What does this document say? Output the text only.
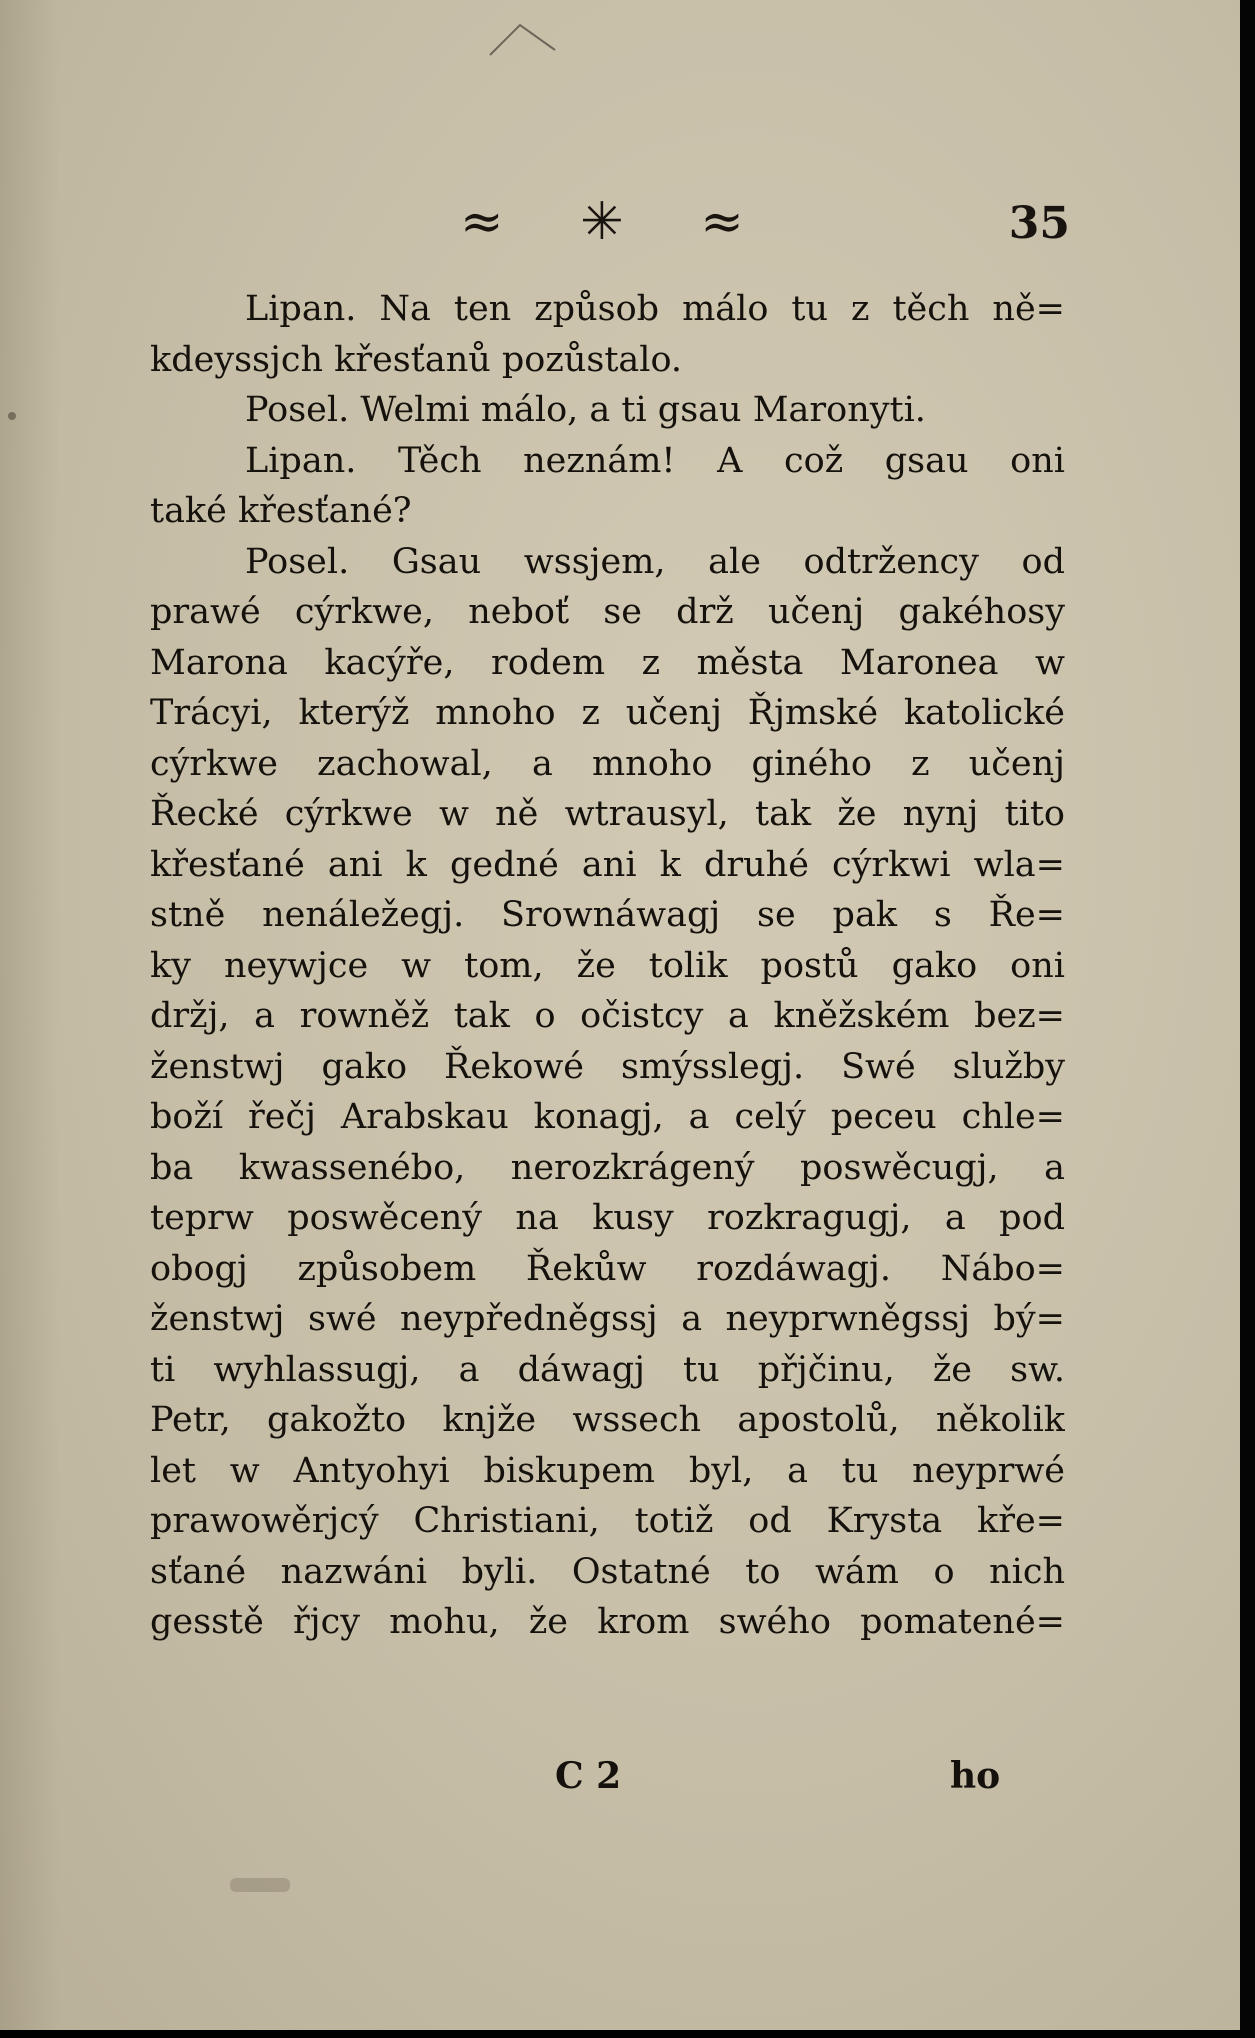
≈ ✳ ≈	35
Lipan. Na ten způsob málo tu z těch ně=
kdeyssjch křesťanů pozůstalo.
Posel. Welmi málo, a ti gsau Maronyti.
Lipan. Těch neznám! A což gsau oni
také křesťané?
Posel. Gsau wssjem, ale odtržency od
prawé cýrkwe, neboť se drž učenj gakéhosy
Marona kacýře, rodem z města Maronea w
Trácyi, kterýž mnoho z učenj Řjmské katolické
cýrkwe zachowal, a mnoho giného z učenj
Řecké cýrkwe w ně wtrausyl, tak že nynj tito
křesťané ani k gedné ani k druhé cýrkwi wla=
stně nenáležegj. Srownáwagj se pak s Ře=
ky neywjce w tom, že tolik postů gako oni
držj, a rowněž tak o očistcy a kněžském bez=
ženstwj gako Řekowé smýsslegj. Swé služby
boží řečj Arabskau konagj, a celý peceu chle=
ba kwassenébo, nerozkrágený poswěcugj, a
teprw poswěcený na kusy rozkragugj, a pod
obogj způsobem Řekůw rozdáwagj. Nábo=
ženstwj swé neypředněgssj a neyprwněgssj bý=
ti wyhlassugj, a dáwagj tu přjčinu, že sw.
Petr, gakožto knjže wssech apostolů, několik
let w Antyohyi biskupem byl, a tu neyprwé
prawowěrjcý Christiani, totiž od Krysta kře=
sťané nazwáni byli. Ostatné to wám o nich
gesstě řjcy mohu, že krom swého pomatené=
C 2	ho
